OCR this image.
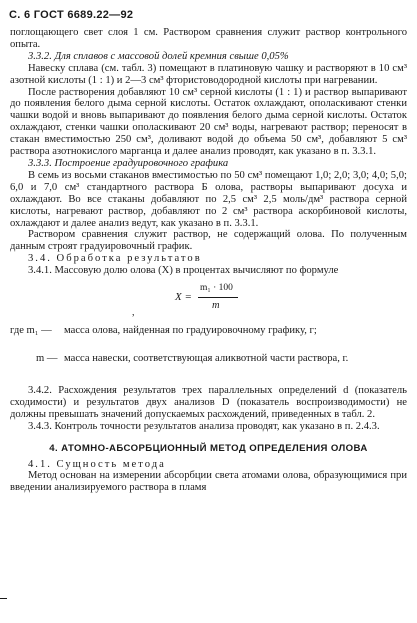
С. 6 ГОСТ 6689.22—92

поглощающего свет слоя 1 см. Раствором сравнения служит раствор контрольного опыта.

3.3.2. Для сплавов с массовой долей кремния свыше 0,05%

Навеску сплава (см. табл. 3) помещают в платиновую чашку и растворяют в 10 см³ азотной кислоты (1 : 1) и 2—3 см³ фтористоводородной кислоты при нагревании.

После растворения добавляют 10 см³ серной кислоты (1 : 1) и раствор выпаривают до появления белого дыма серной кислоты. Остаток охлаждают, ополаскивают стенки чашки водой и вновь выпаривают до появления белого дыма серной кислоты. Остаток охлаждают, стенки чашки ополаскивают 20 см³ воды, нагревают раствор; переносят в стакан вместимостью 250 см³, доливают водой до объема 50 см³, добавляют 5 см³ раствора азотнокислого марганца и далее анализ проводят, как указано в п. 3.3.1.

3.3.3. Построение градуировочного графика

В семь из восьми стаканов вместимостью по 50 см³ помещают 1,0; 2,0; 3,0; 4,0; 5,0; 6,0 и 7,0 см³ стандартного раствора Б олова, растворы выпаривают досуха и охлаждают. Во все стаканы добавляют по 2,5 см³ 2,5 моль/дм³ раствора серной кислоты, нагревают раствор, добавляют по 2 см³ раствора аскорбиновой кислоты, охлаждают и далее анализ ведут, как указано в п. 3.3.1.

Раствором сравнения служит раствор, не содержащий олова. По полученным данным строят градуировочный график.

3.4. Обработка результатов

3.4.1. Массовую долю олова (X) в процентах вычисляют по формуле

X =
m₁ · 100
m
,
где m₁ —	масса олова, найденная по градуировочному графику, г;
m — масса навески, соответствующая аликвотной части раствора, г.

3.4.2. Расхождения результатов трех параллельных определений d (показатель сходимости) и результатов двух анализов D (показатель воспроизводимости) не должны превышать значений допускаемых расхождений, приведенных в табл. 2.

3.4.3. Контроль точности результатов анализа проводят, как указано в п. 2.4.3.

4. АТОМНО-АБСОРБЦИОННЫЙ МЕТОД ОПРЕДЕЛЕНИЯ ОЛОВА

4.1. Сущность метода

Метод основан на измерении абсорбции света атомами олова, образующимися при введении анализируемого раствора в пламя
